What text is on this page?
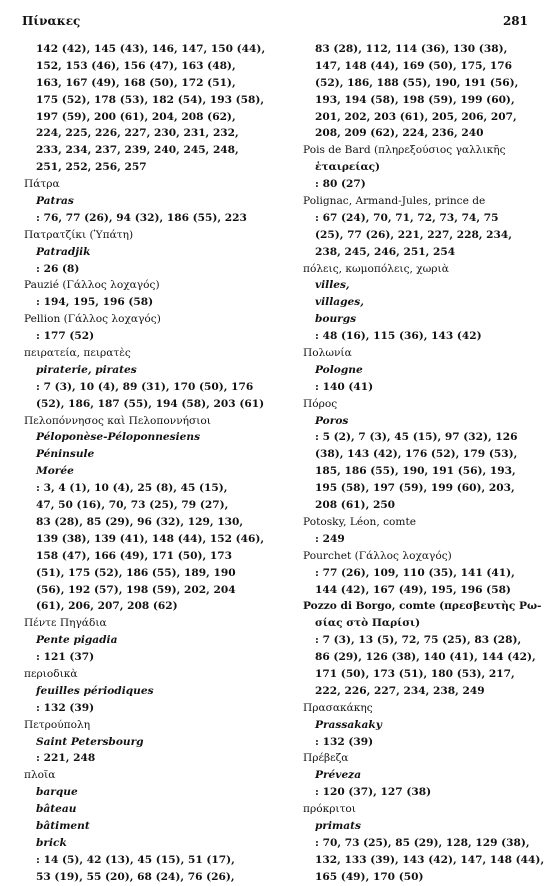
Πίνακες	281
142 (42), 145 (43), 146, 147, 150 (44),
152, 153 (46), 156 (47), 163 (48),
163, 167 (49), 168 (50), 172 (51),
175 (52), 178 (53), 182 (54), 193 (58),
197 (59), 200 (61), 204, 208 (62),
224, 225, 226, 227, 230, 231, 232,
233, 234, 237, 239, 240, 245, 248,
251, 252, 256, 257
Πάτρα
Patras
: 76, 77 (26), 94 (32), 186 (55), 223
Πατρατζίκι (Ὑπάτη)
Patradjik
: 26 (8)
Pauzié (Γάλλος λοχαγός)
: 194, 195, 196 (58)
Pellion (Γάλλος λοχαγός)
: 177 (52)
πειρατεία, πειρατὲς
piraterie, pirates
: 7 (3), 10 (4), 89 (31), 170 (50), 176
(52), 186, 187 (55), 194 (58), 203 (61)
Πελοπόννησος καὶ Πελοποννήσιοι
Péloponèse-Péloponnesiens
Péninsule
Morée
: 3, 4 (1), 10 (4), 25 (8), 45 (15),
47, 50 (16), 70, 73 (25), 79 (27),
83 (28), 85 (29), 96 (32), 129, 130,
139 (38), 139 (41), 148 (44), 152 (46),
158 (47), 166 (49), 171 (50), 173
(51), 175 (52), 186 (55), 189, 190
(56), 192 (57), 198 (59), 202, 204
(61), 206, 207, 208 (62)
Πέντε Πηγάδια
Pente pigadia
: 121 (37)
περιοδικὰ
feuilles périodiques
: 132 (39)
Πετρούπολη
Saint Petersbourg
: 221, 248
πλοῖα
barque
bâteau
bâtiment
brick
: 14 (5), 42 (13), 45 (15), 51 (17),
53 (19), 55 (20), 68 (24), 76 (26),
83 (28), 112, 114 (36), 130 (38),
147, 148 (44), 169 (50), 175, 176
(52), 186, 188 (55), 190, 191 (56),
193, 194 (58), 198 (59), 199 (60),
201, 202, 203 (61), 205, 206, 207,
208, 209 (62), 224, 236, 240
Pois de Bard (πληρεξούσιος γαλλικῆς
ἑταιρείας)
: 80 (27)
Polignac, Armand-Jules, prince de
: 67 (24), 70, 71, 72, 73, 74, 75
(25), 77 (26), 221, 227, 228, 234,
238, 245, 246, 251, 254
πόλεις, κωμοπόλεις, χωριὰ
villes,
villages,
bourgs
: 48 (16), 115 (36), 143 (42)
Πολωνία
Pologne
: 140 (41)
Πόρος
Poros
: 5 (2), 7 (3), 45 (15), 97 (32), 126
(38), 143 (42), 176 (52), 179 (53),
185, 186 (55), 190, 191 (56), 193,
195 (58), 197 (59), 199 (60), 203,
208 (61), 250
Potosky, Léon, comte
: 249
Pourchet (Γάλλος λοχαγός)
: 77 (26), 109, 110 (35), 141 (41),
144 (42), 167 (49), 195, 196 (58)
Pozzo di Borgo, comte (πρεσβευτὴς Ρω-
σίας στὸ Παρίσι)
: 7 (3), 13 (5), 72, 75 (25), 83 (28),
86 (29), 126 (38), 140 (41), 144 (42),
171 (50), 173 (51), 180 (53), 217,
222, 226, 227, 234, 238, 249
Πρασακάκης
Prassakaky
: 132 (39)
Πρέβεζα
Préveza
: 120 (37), 127 (38)
πρόκριτοι
primats
: 70, 73 (25), 85 (29), 128, 129 (38),
132, 133 (39), 143 (42), 147, 148 (44),
165 (49), 170 (50)
